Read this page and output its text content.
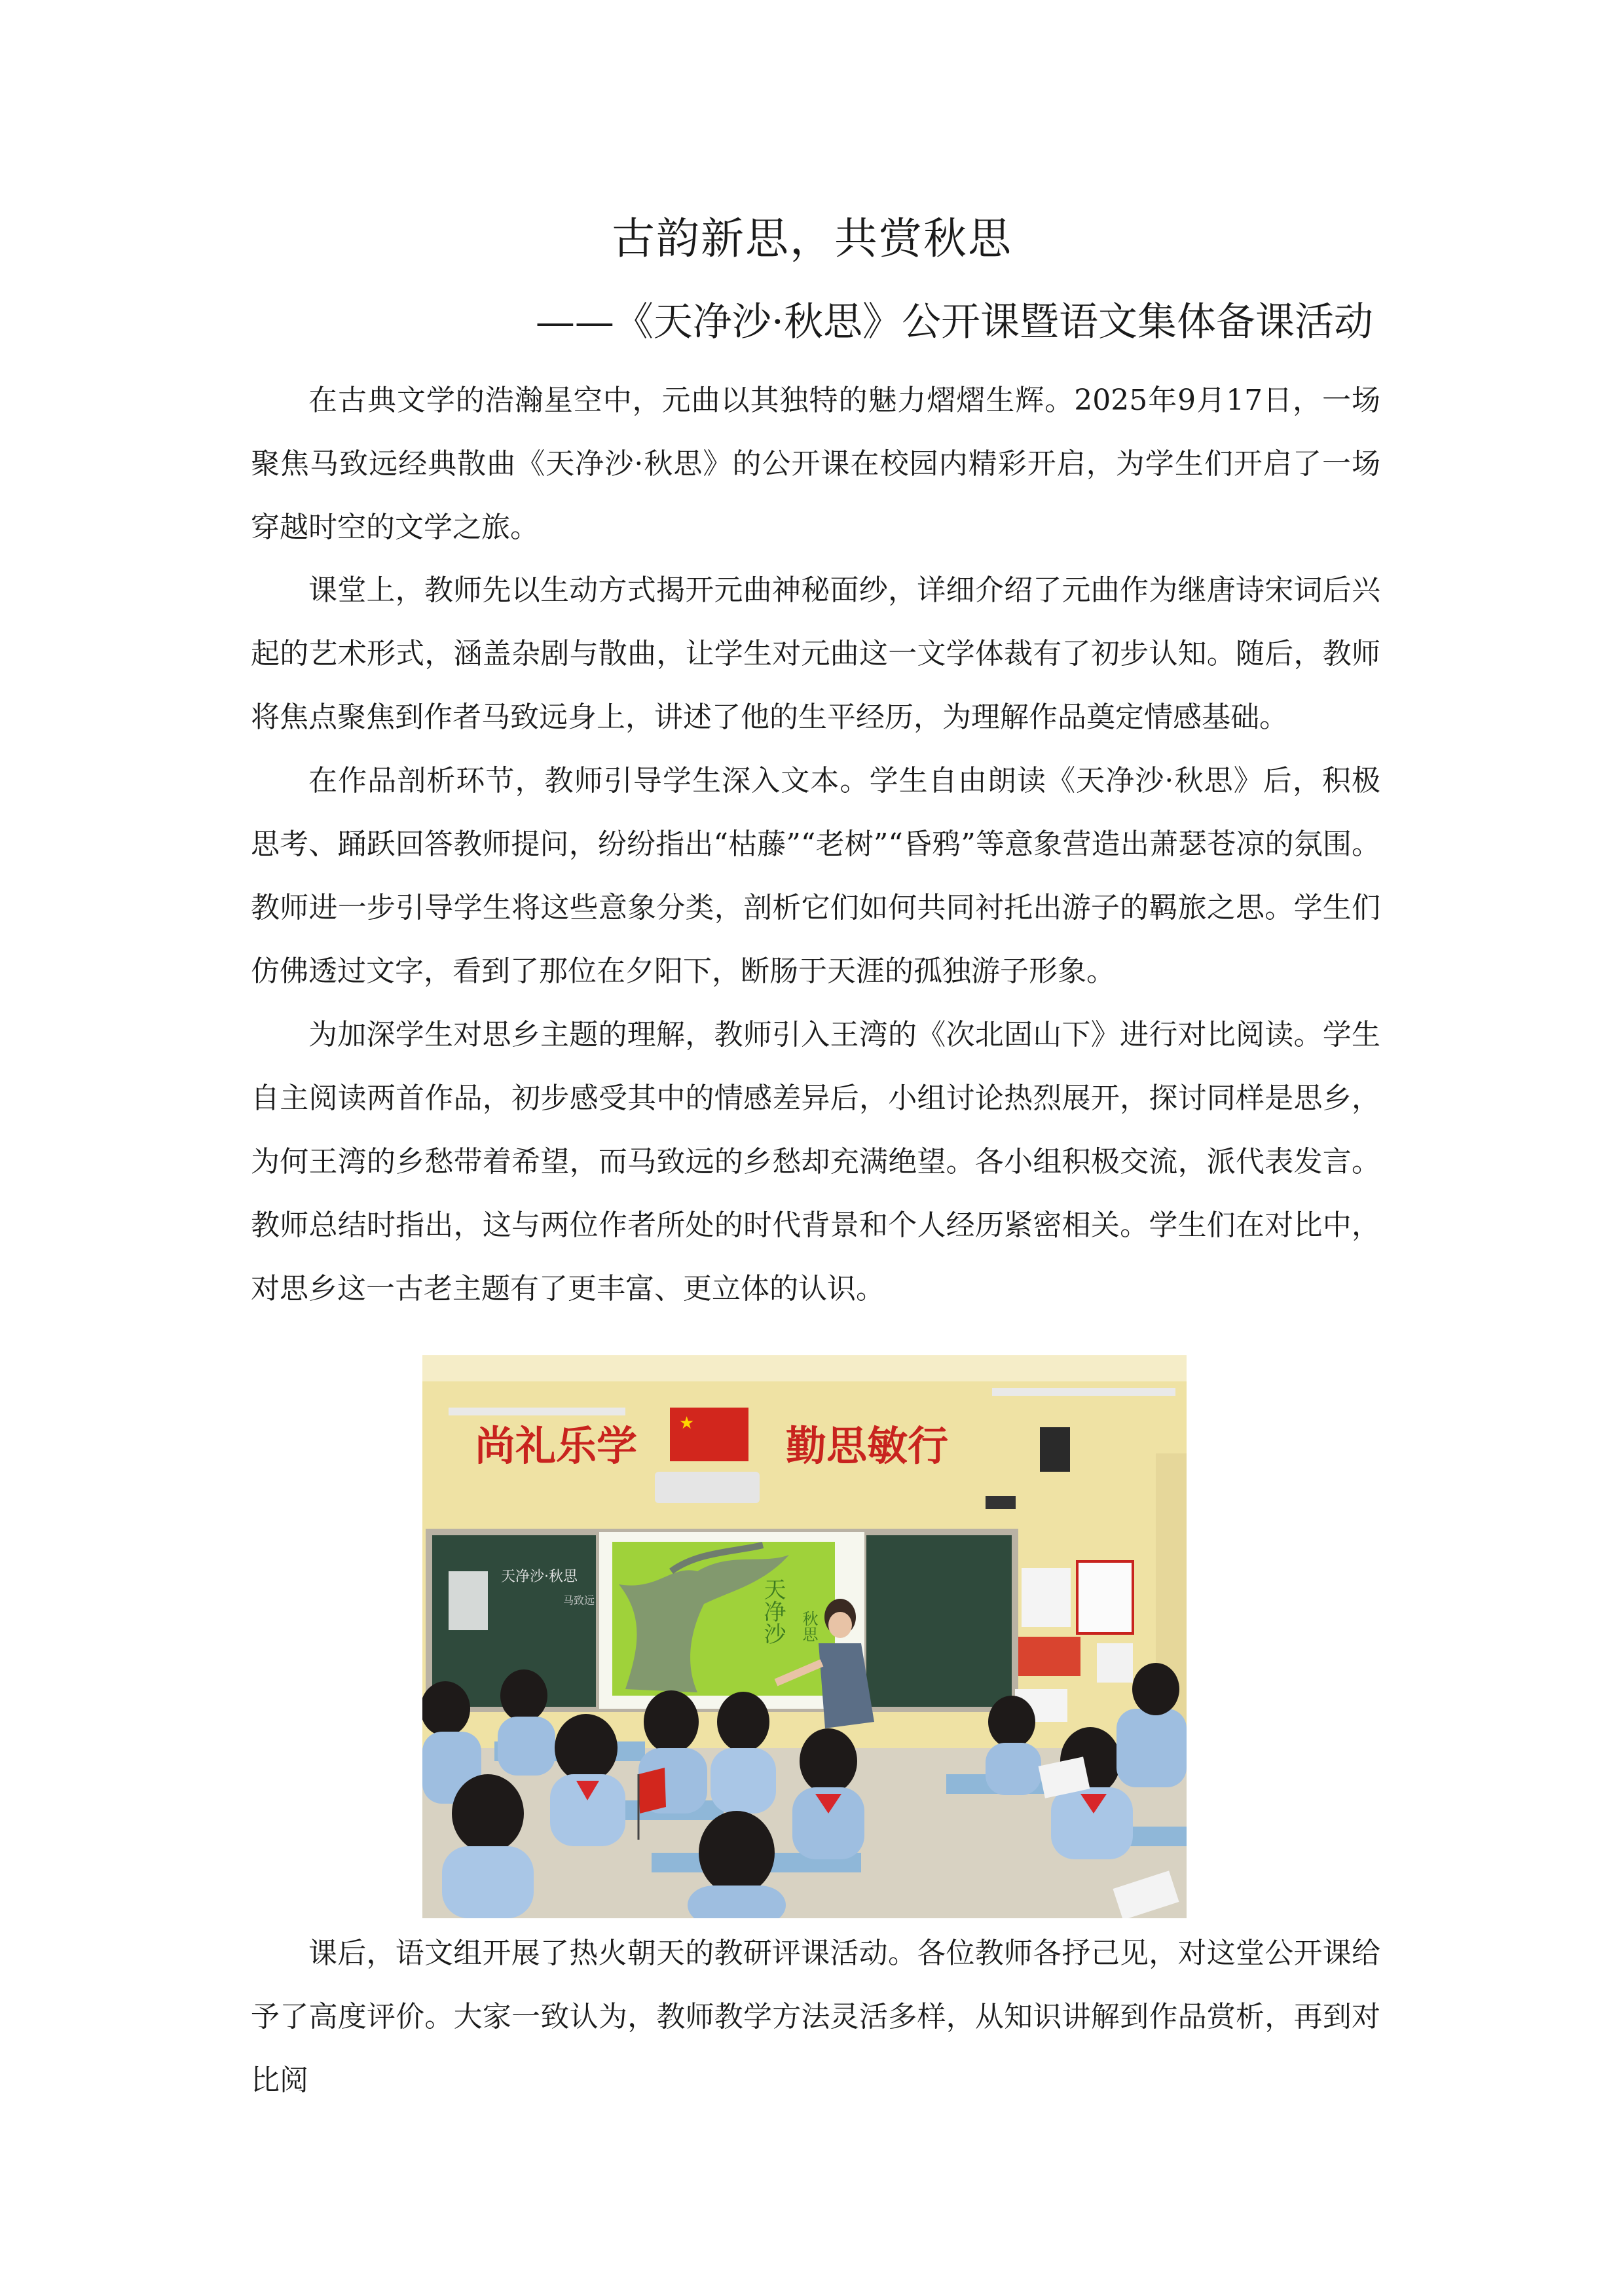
古韵新思，共赏秋思
——《天净沙·秋思》公开课暨语文集体备课活动

在古典文学的浩瀚星空中，元曲以其独特的魅力熠熠生辉。2025年9月17日，一场聚焦马致远经典散曲《天净沙·秋思》的公开课在校园内精彩开启，为学生们开启了一场穿越时空的文学之旅。

课堂上，教师先以生动方式揭开元曲神秘面纱，详细介绍了元曲作为继唐诗宋词后兴起的艺术形式，涵盖杂剧与散曲，让学生对元曲这一文学体裁有了初步认知。随后，教师将焦点聚焦到作者马致远身上，讲述了他的生平经历，为理解作品奠定情感基础。

在作品剖析环节，教师引导学生深入文本。学生自由朗读《天净沙·秋思》后，积极思考、踊跃回答教师提问，纷纷指出“枯藤”“老树”“昏鸦”等意象营造出萧瑟苍凉的氛围。教师进一步引导学生将这些意象分类，剖析它们如何共同衬托出游子的羁旅之思。学生们仿佛透过文字，看到了那位在夕阳下，断肠于天涯的孤独游子形象。

为加深学生对思乡主题的理解，教师引入王湾的《次北固山下》进行对比阅读。学生自主阅读两首作品，初步感受其中的情感差异后，小组讨论热烈展开，探讨同样是思乡，为何王湾的乡愁带着希望，而马致远的乡愁却充满绝望。各小组积极交流，派代表发言。教师总结时指出，这与两位作者所处的时代背景和个人经历紧密相关。学生们在对比中，对思乡这一古老主题有了更丰富、更立体的认识。

尚礼乐学 ★ 勤思敏行
天净沙·秋思
马致远	天净沙 秋思

课后，语文组开展了热火朝天的教研评课活动。各位教师各抒己见，对这堂公开课给予了高度评价。大家一致认为，教师教学方法灵活多样，从知识讲解到作品赏析，再到对比阅
